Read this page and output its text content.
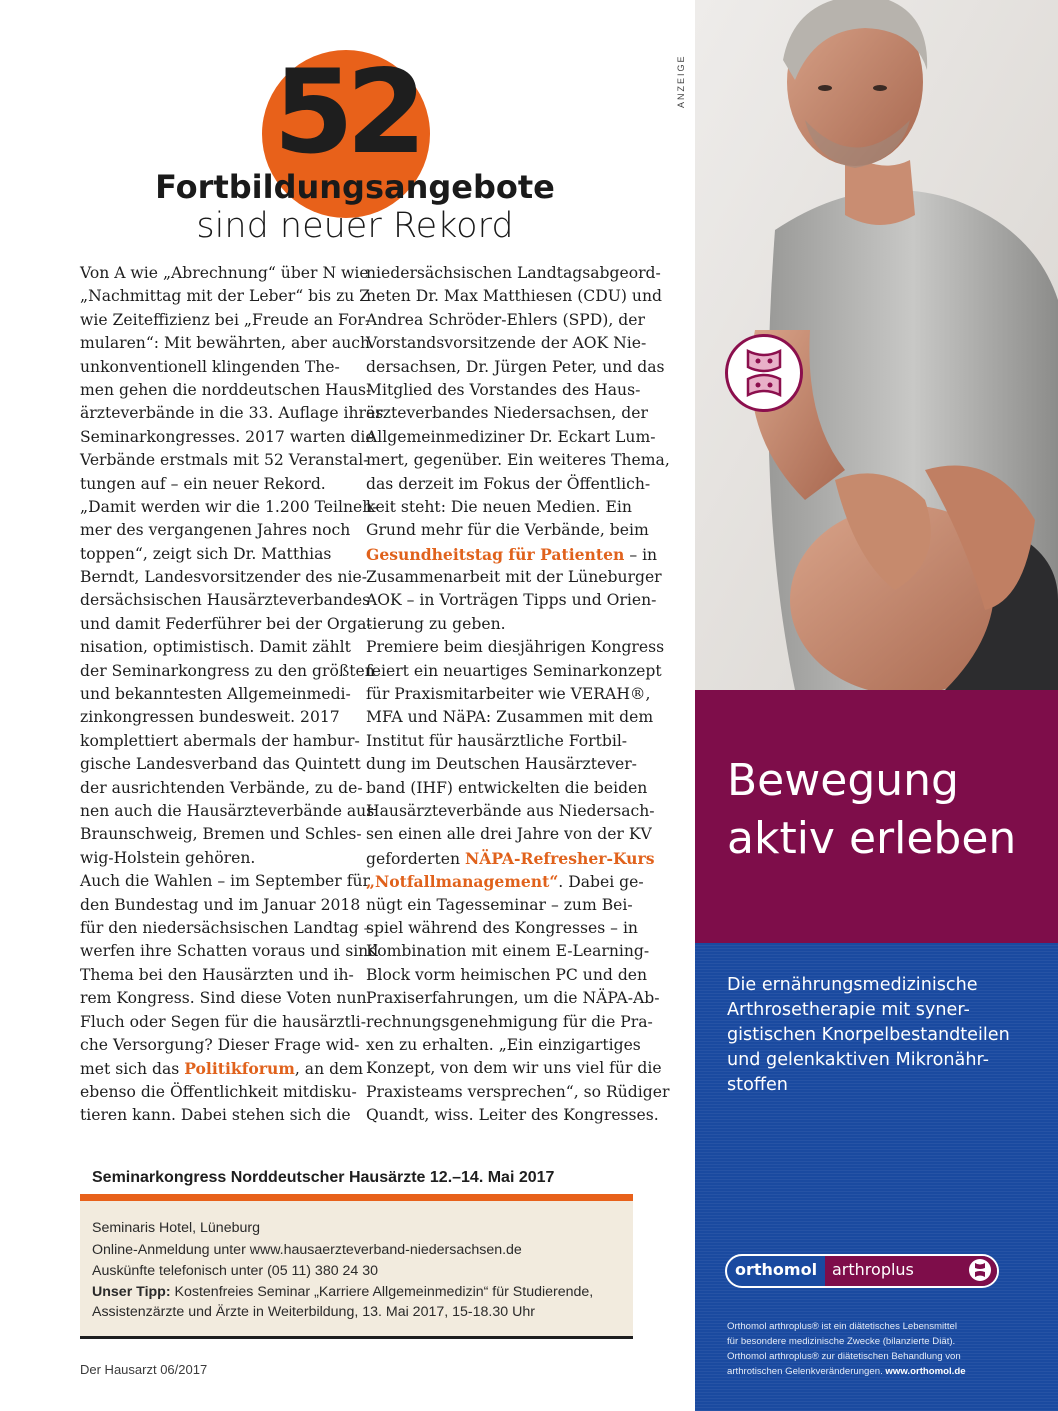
52
Fortbildungsangebote
sind neuer Rekord
Von A wie „Abrechnung“ über N wie
„Nachmittag mit der Leber“ bis zu Z
wie Zeiteffizienz bei „Freude an For-
mularen“: Mit bewährten, aber auch
unkonventionell klingenden The-
men gehen die norddeutschen Haus-
ärzteverbände in die 33. Auflage ihres
Seminarkongresses. 2017 warten die
Verbände erstmals mit 52 Veranstal-
tungen auf – ein neuer Rekord.
„Damit werden wir die 1.200 Teilneh-
mer des vergangenen Jahres noch
toppen“, zeigt sich Dr. Matthias
Berndt, Landesvorsitzender des nie-
dersächsischen Hausärzteverbandes
und damit Federführer bei der Orga-
nisation, optimistisch. Damit zählt
der Seminarkongress zu den größten
und bekanntesten Allgemeinmedi-
zinkongressen bundesweit. 2017
komplettiert abermals der hambur-
gische Landesverband das Quintett
der ausrichtenden Verbände, zu de-
nen auch die Hausärzteverbände aus
Braunschweig, Bremen und Schles-
wig-Holstein gehören.
Auch die Wahlen – im September für
den Bundestag und im Januar 2018
für den niedersächsischen Landtag –
werfen ihre Schatten voraus und sind
Thema bei den Hausärzten und ih-
rem Kongress. Sind diese Voten nun
Fluch oder Segen für die hausärztli-
che Versorgung? Dieser Frage wid-
met sich das Politikforum, an dem
ebenso die Öffentlichkeit mitdisku-
tieren kann. Dabei stehen sich die
niedersächsischen Landtagsabgeord-
neten Dr. Max Matthiesen (CDU) und
Andrea Schröder-Ehlers (SPD), der
Vorstandsvorsitzende der AOK Nie-
dersachsen, Dr. Jürgen Peter, und das
Mitglied des Vorstandes des Haus-
ärzteverbandes Niedersachsen, der
Allgemeinmediziner Dr. Eckart Lum-
mert, gegenüber. Ein weiteres Thema,
das derzeit im Fokus der Öffentlich-
keit steht: Die neuen Medien. Ein
Grund mehr für die Verbände, beim
Gesundheitstag für Patienten – in
Zusammenarbeit mit der Lüneburger
AOK – in Vorträgen Tipps und Orien-
tierung zu geben.
Premiere beim diesjährigen Kongress
feiert ein neuartiges Seminarkonzept
für Praxismitarbeiter wie VERAH®,
MFA und NäPA: Zusammen mit dem
Institut für hausärztliche Fortbil-
dung im Deutschen Hausärztever-
band (IHF) entwickelten die beiden
Hausärzteverbände aus Niedersach-
sen einen alle drei Jahre von der KV
geforderten NÄPA-Refresher-Kurs
„Notfallmanagement“. Dabei ge-
nügt ein Tagesseminar – zum Bei-
spiel während des Kongresses – in
Kombination mit einem E-Learning-
Block vorm heimischen PC und den
Praxiserfahrungen, um die NÄPA-Ab-
rechnungsgenehmigung für die Pra-
xen zu erhalten. „Ein einzigartiges
Konzept, von dem wir uns viel für die
Praxisteams versprechen“, so Rüdiger
Quandt, wiss. Leiter des Kongresses.
Seminarkongress Norddeutscher Hausärzte 12.–14. Mai 2017
Seminaris Hotel, Lüneburg
Online-Anmeldung unter www.hausaerzteverband-niedersachsen.de
Auskünfte telefonisch unter (05 11) 380 24 30
Unser Tipp: Kostenfreies Seminar „Karriere Allgemeinmedizin“ für Studierende,
Assistenzärzte und Ärzte in Weiterbildung, 13. Mai 2017, 15-18.30 Uhr
Der Hausarzt 06/2017
ANZEIGE
Bewegung
aktiv erleben
Die ernährungsmedizinische
Arthrosetherapie mit syner-
gistischen Knorpelbestandteilen
und gelenkaktiven Mikronähr-
stoffen
orthomol arthroplus
Orthomol arthroplus® ist ein diätetisches Lebensmittel
für besondere medizinische Zwecke (bilanzierte Diät).
Orthomol arthroplus® zur diätetischen Behandlung von
arthrotischen Gelenkveränderungen. www.orthomol.de
